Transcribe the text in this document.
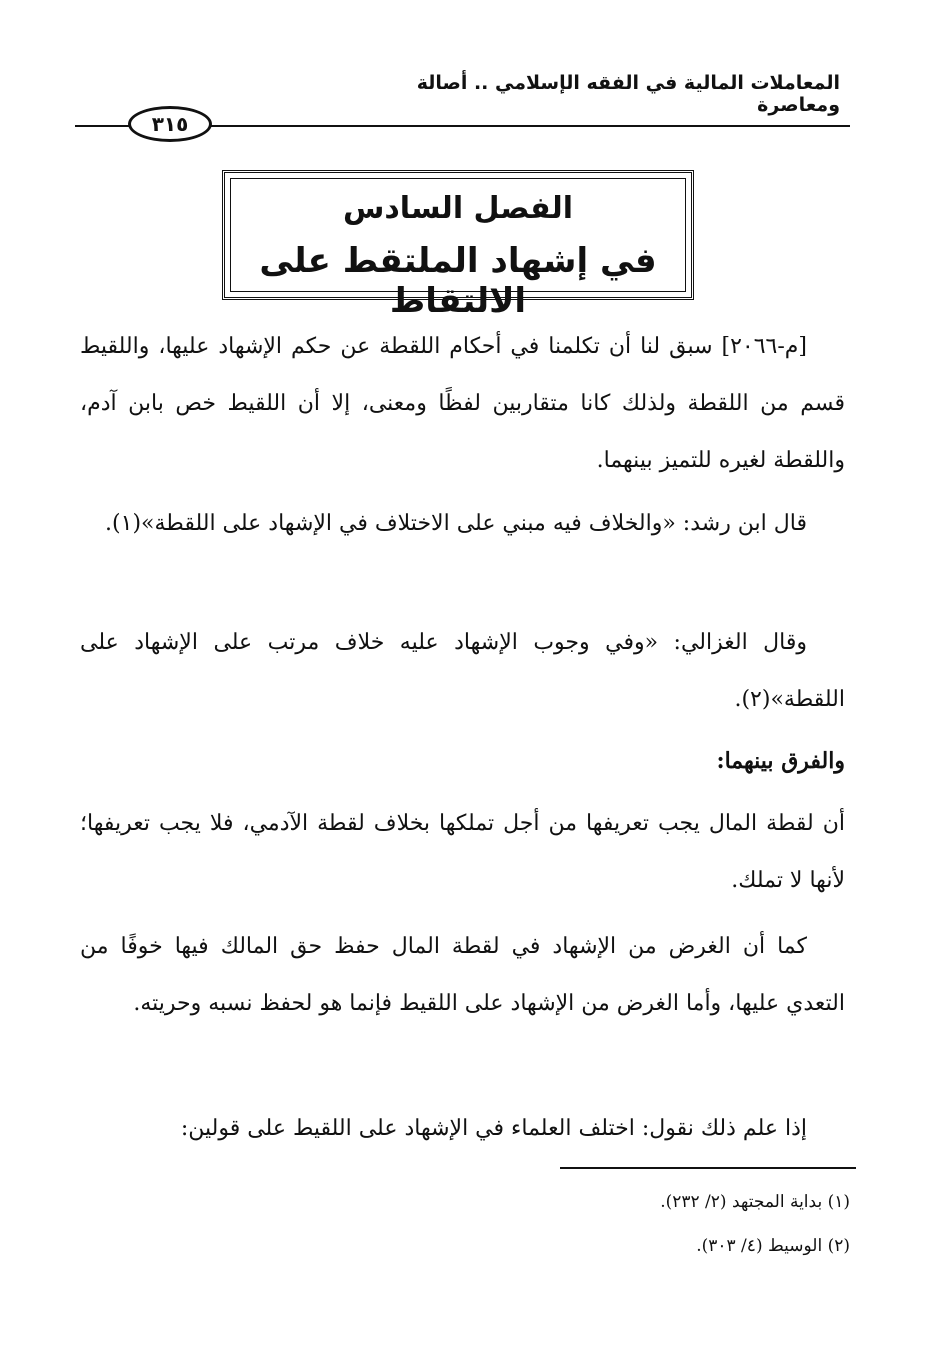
المعاملات المالية في الفقه الإسلامي .. أصالة ومعاصرة
٣١٥
الفصل السادس
في إشهاد الملتقط على الالتقاط

[م-٢٠٦٦] سبق لنا أن تكلمنا في أحكام اللقطة عن حكم الإشهاد عليها، واللقيط قسم من اللقطة ولذلك كانا متقاربين لفظًا ومعنى، إلا أن اللقيط خص بابن آدم، واللقطة لغيره للتميز بينهما.

قال ابن رشد: «والخلاف فيه مبني على الاختلاف في الإشهاد على اللقطة»(١).

وقال الغزالي: «وفي وجوب الإشهاد عليه خلاف مرتب على الإشهاد على اللقطة»(٢).

والفرق بينهما:

أن لقطة المال يجب تعريفها من أجل تملكها بخلاف لقطة الآدمي، فلا يجب تعريفها؛ لأنها لا تملك.

كما أن الغرض من الإشهاد في لقطة المال حفظ حق المالك فيها خوفًا من التعدي عليها، وأما الغرض من الإشهاد على اللقيط فإنما هو لحفظ نسبه وحريته.

إذا علم ذلك نقول: اختلف العلماء في الإشهاد على اللقيط على قولين:

(١) بداية المجتهد (٢/ ٢٣٢).
(٢) الوسيط (٤/ ٣٠٣).
